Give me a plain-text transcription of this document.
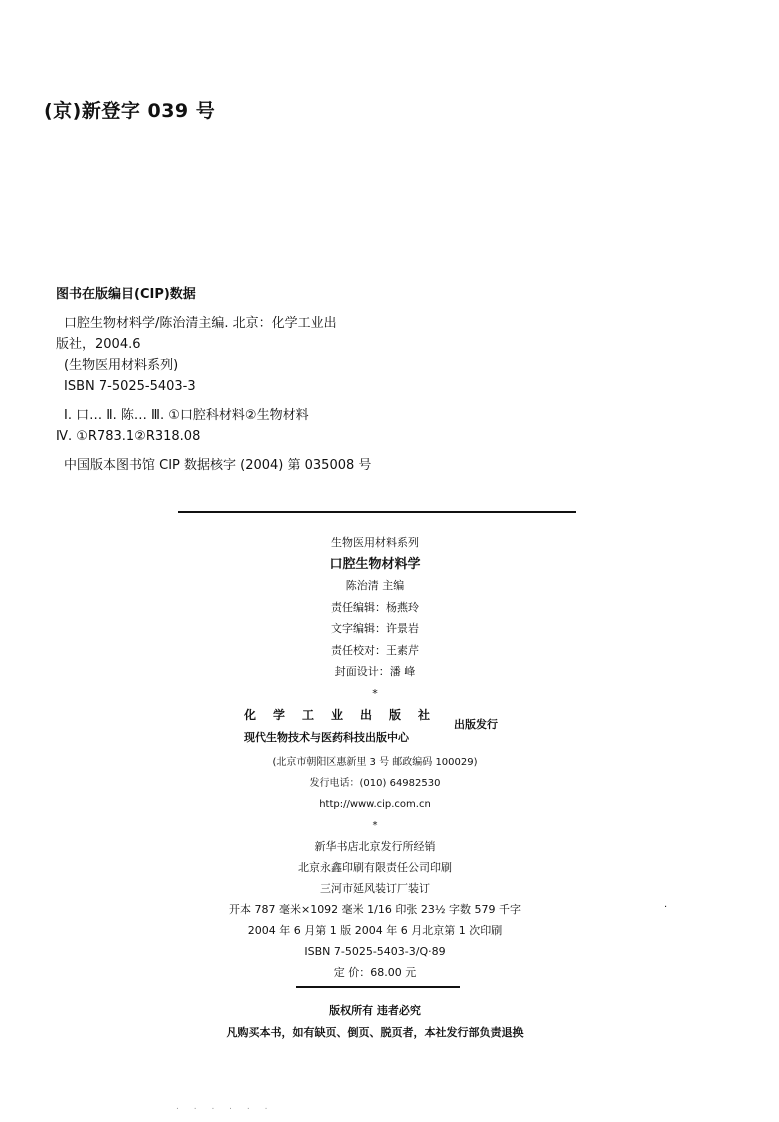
(京)新登字 039 号
图书在版编目(CIP)数据
口腔生物材料学/陈治清主编. 北京：化学工业出
版社，2004.6
(生物医用材料系列)
ISBN 7-5025-5403-3
Ⅰ. 口… Ⅱ. 陈… Ⅲ. ①口腔科材料②生物材料
Ⅳ. ①R783.1②R318.08
中国版本图书馆 CIP 数据核字 (2004) 第 035008 号
生物医用材料系列
口腔生物材料学
陈治清 主编
责任编辑：杨燕玲
文字编辑：许景岩
责任校对：王素芹
封面设计：潘 峰
*
化学工业出版社
现代生物技术与医药科技出版中心
出版发行
(北京市朝阳区惠新里 3 号 邮政编码 100029)
发行电话：(010) 64982530
http://www.cip.com.cn
*
新华书店北京发行所经销
北京永鑫印刷有限责任公司印刷
三河市延风装订厂装订
开本 787 毫米×1092 毫米 1/16 印张 23½ 字数 579 千字
2004 年 6 月第 1 版 2004 年 6 月北京第 1 次印刷
ISBN 7-5025-5403-3/Q·89
定 价：68.00 元
版权所有 违者必究
凡购买本书，如有缺页、倒页、脱页者，本社发行部负责退换
·
. . . . . .
